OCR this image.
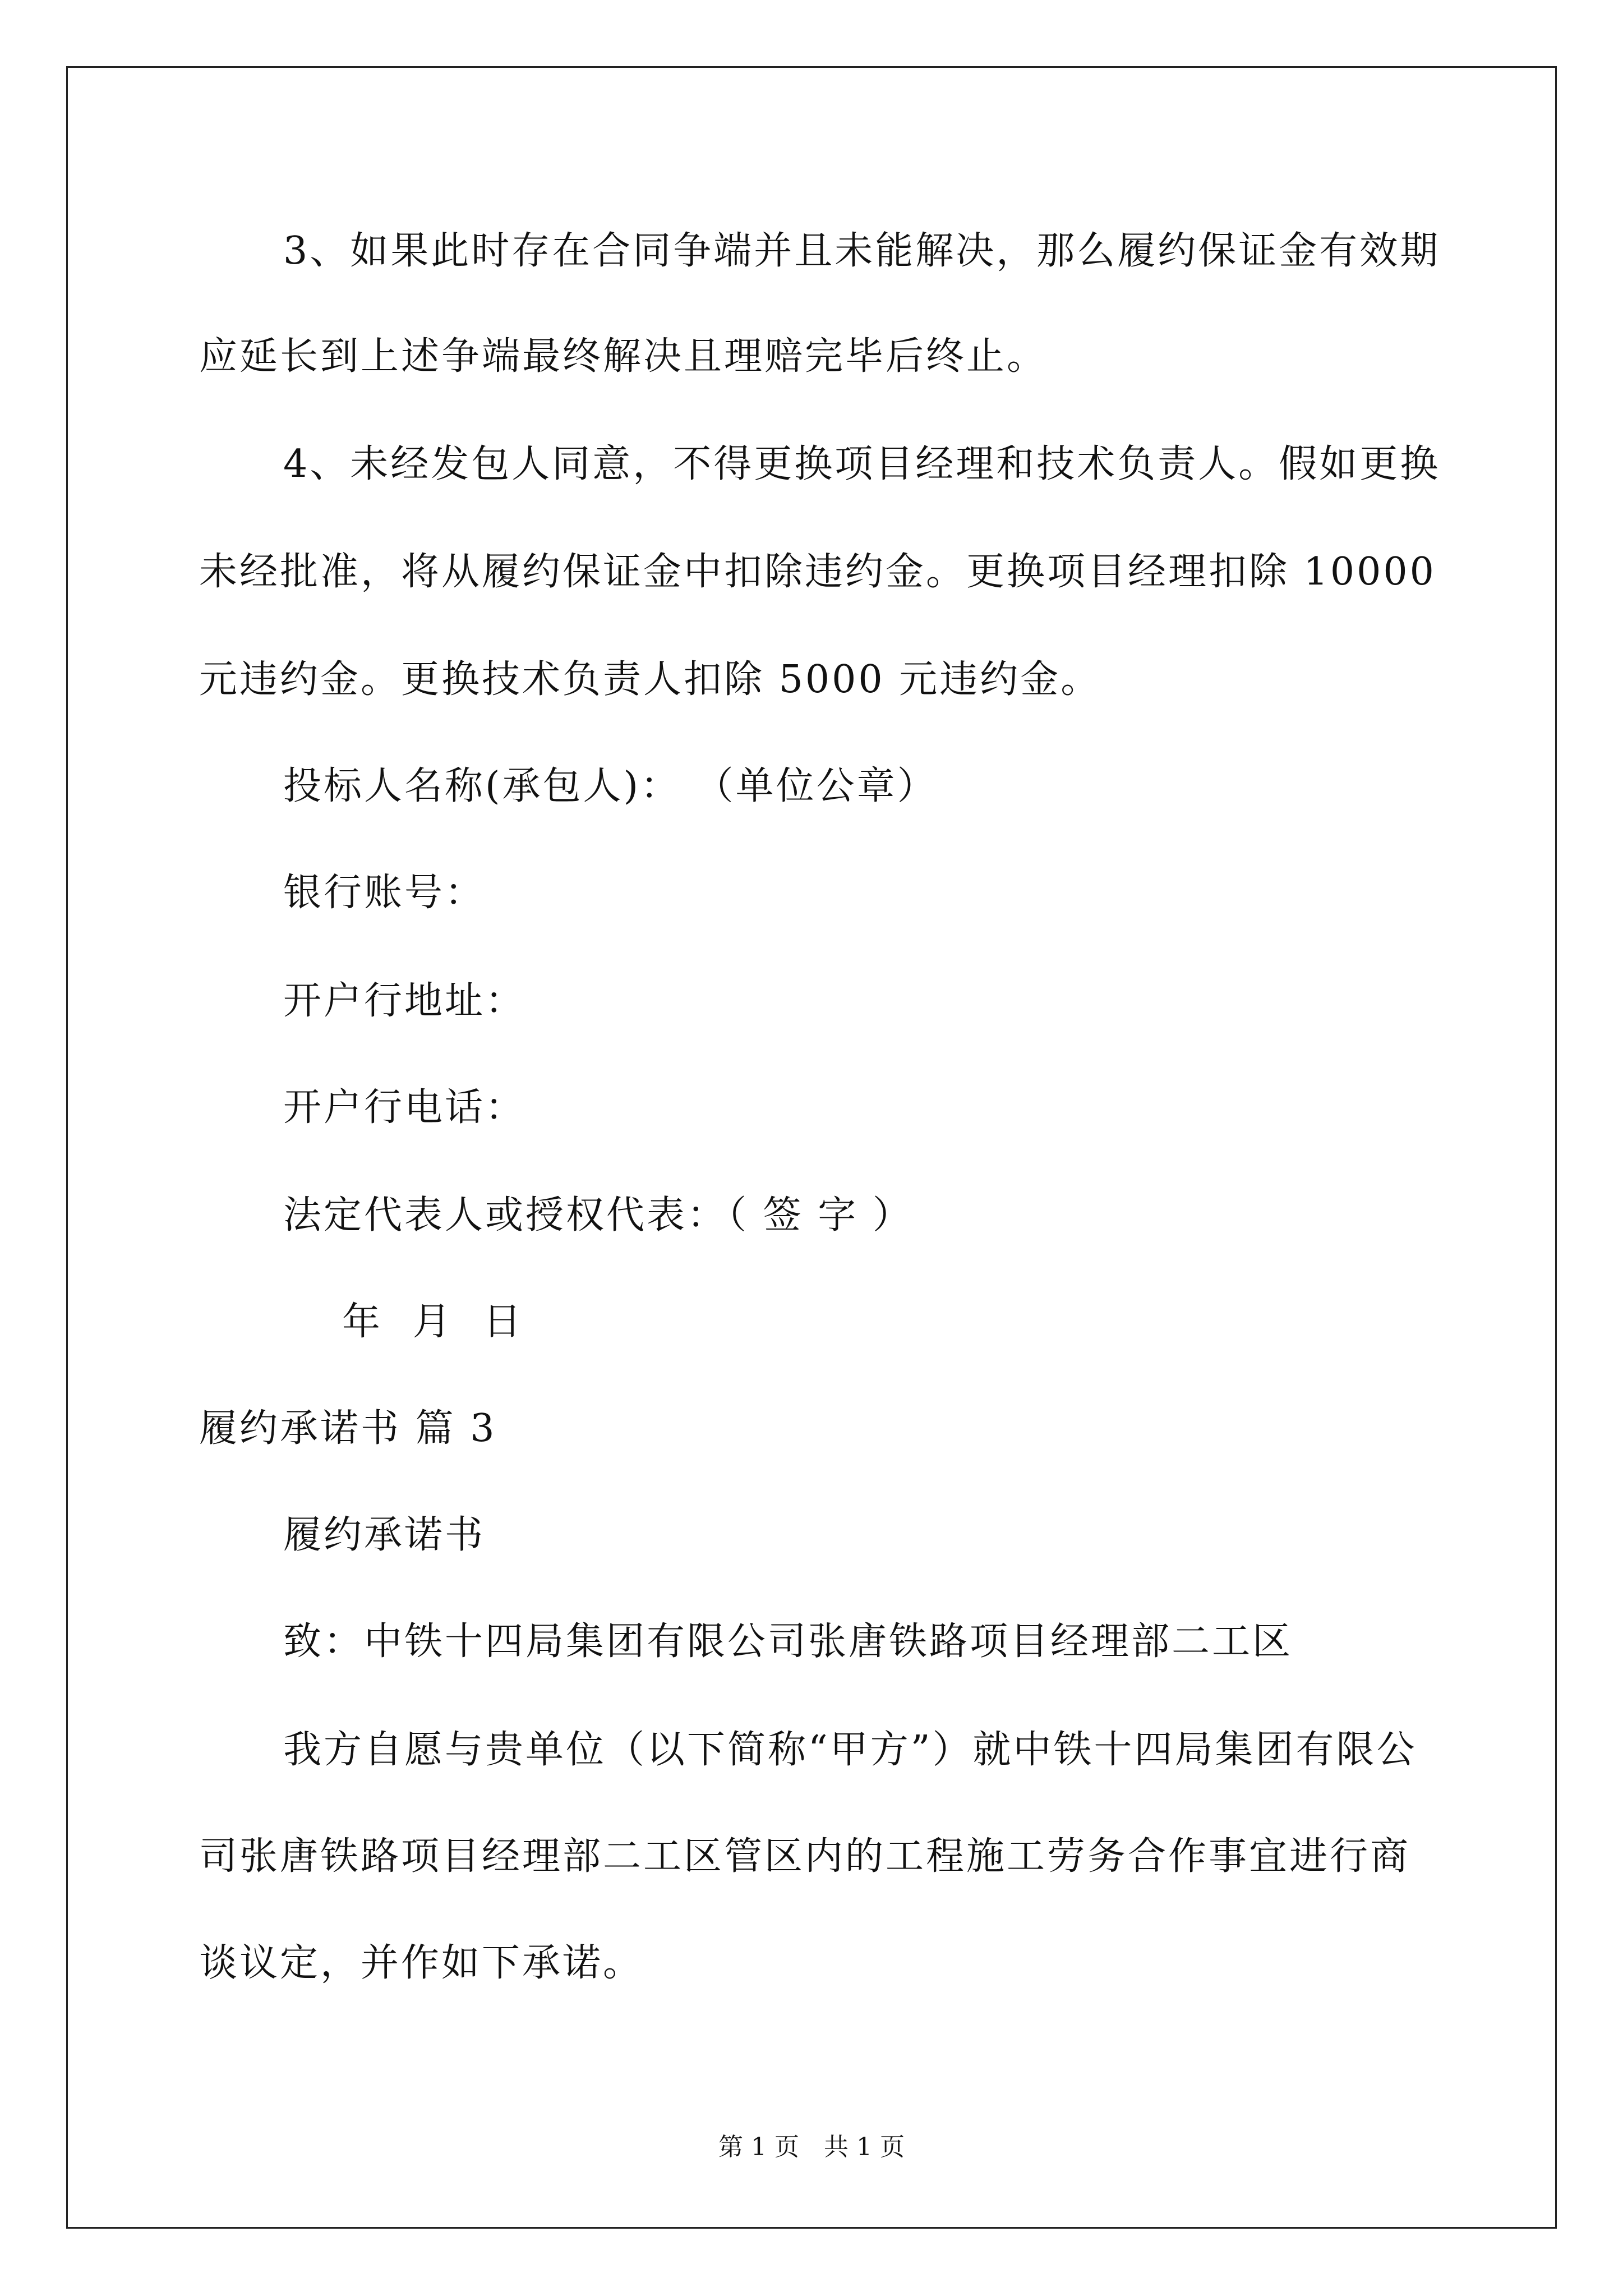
3、如果此时存在合同争端并且未能解决，那么履约保证金有效期
应延长到上述争端最终解决且理赔完毕后终止。
4、未经发包人同意，不得更换项目经理和技术负责人。假如更换
未经批准，将从履约保证金中扣除违约金。更换项目经理扣除 10000
元违约金。更换技术负责人扣除 5000 元违约金。
投标人名称(承包人)： （单位公章）
银行账号：
开户行地址：
开户行电话：
法定代表人或授权代表：（ 签 字 ）
年 月 日
履约承诺书 篇 3
履约承诺书
致：中铁十四局集团有限公司张唐铁路项目经理部二工区
我方自愿与贵单位（以下简称“甲方”）就中铁十四局集团有限公
司张唐铁路项目经理部二工区管区内的工程施工劳务合作事宜进行商
谈议定，并作如下承诺。
第 1 页　共 1 页
